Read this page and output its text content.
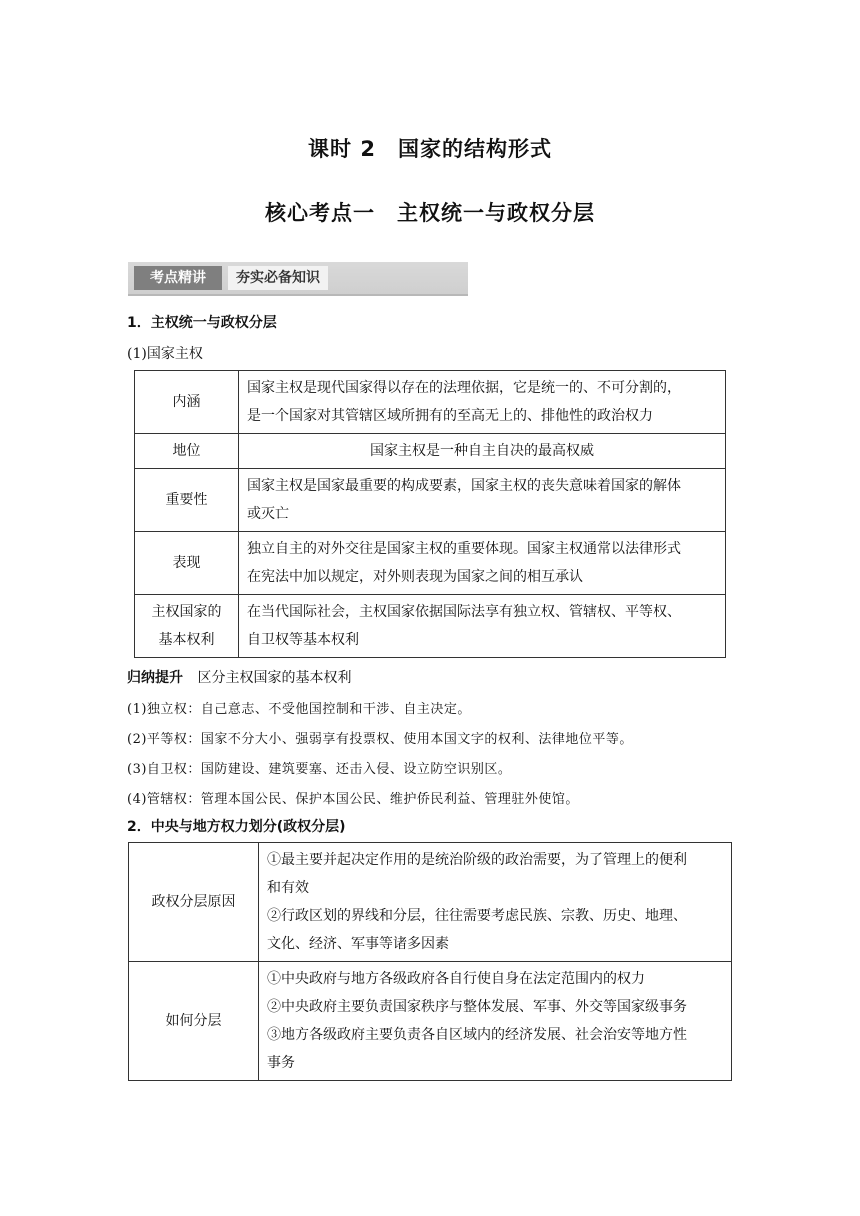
课时 2　国家的结构形式
核心考点一　主权统一与政权分层
考点精讲	夯实必备知识
1．主权统一与政权分层
(1)国家主权
内涵	国家主权是现代国家得以存在的法理依据，它是统一的、不可分割的，
是一个国家对其管辖区域所拥有的至高无上的、排他性的政治权力

地位	国家主权是一种自主自决的最高权威
重要性	国家主权是国家最重要的构成要素，国家主权的丧失意味着国家的解体
或灭亡

表现	独立自主的对外交往是国家主权的重要体现。国家主权通常以法律形式
在宪法中加以规定，对外则表现为国家之间的相互承认

主权国家的
基本权利	在当代国际社会，主权国家依据国际法享有独立权、管辖权、平等权、
自卫权等基本权利
归纳提升 区分主权国家的基本权利
(1)独立权：自己意志、不受他国控制和干涉、自主决定。
(2)平等权：国家不分大小、强弱享有投票权、使用本国文字的权利、法律地位平等。
(3)自卫权：国防建设、建筑要塞、还击入侵、设立防空识别区。
(4)管辖权：管理本国公民、保护本国公民、维护侨民利益、管理驻外使馆。
2．中央与地方权力划分(政权分层)
政权分层原因	①最主要并起决定作用的是统治阶级的政治需要，为了管理上的便利
和有效
②行政区划的界线和分层，往往需要考虑民族、宗教、历史、地理、
文化、经济、军事等诸多因素

如何分层	①中央政府与地方各级政府各自行使自身在法定范围内的权力
②中央政府主要负责国家秩序与整体发展、军事、外交等国家级事务
③地方各级政府主要负责各自区域内的经济发展、社会治安等地方性
事务
